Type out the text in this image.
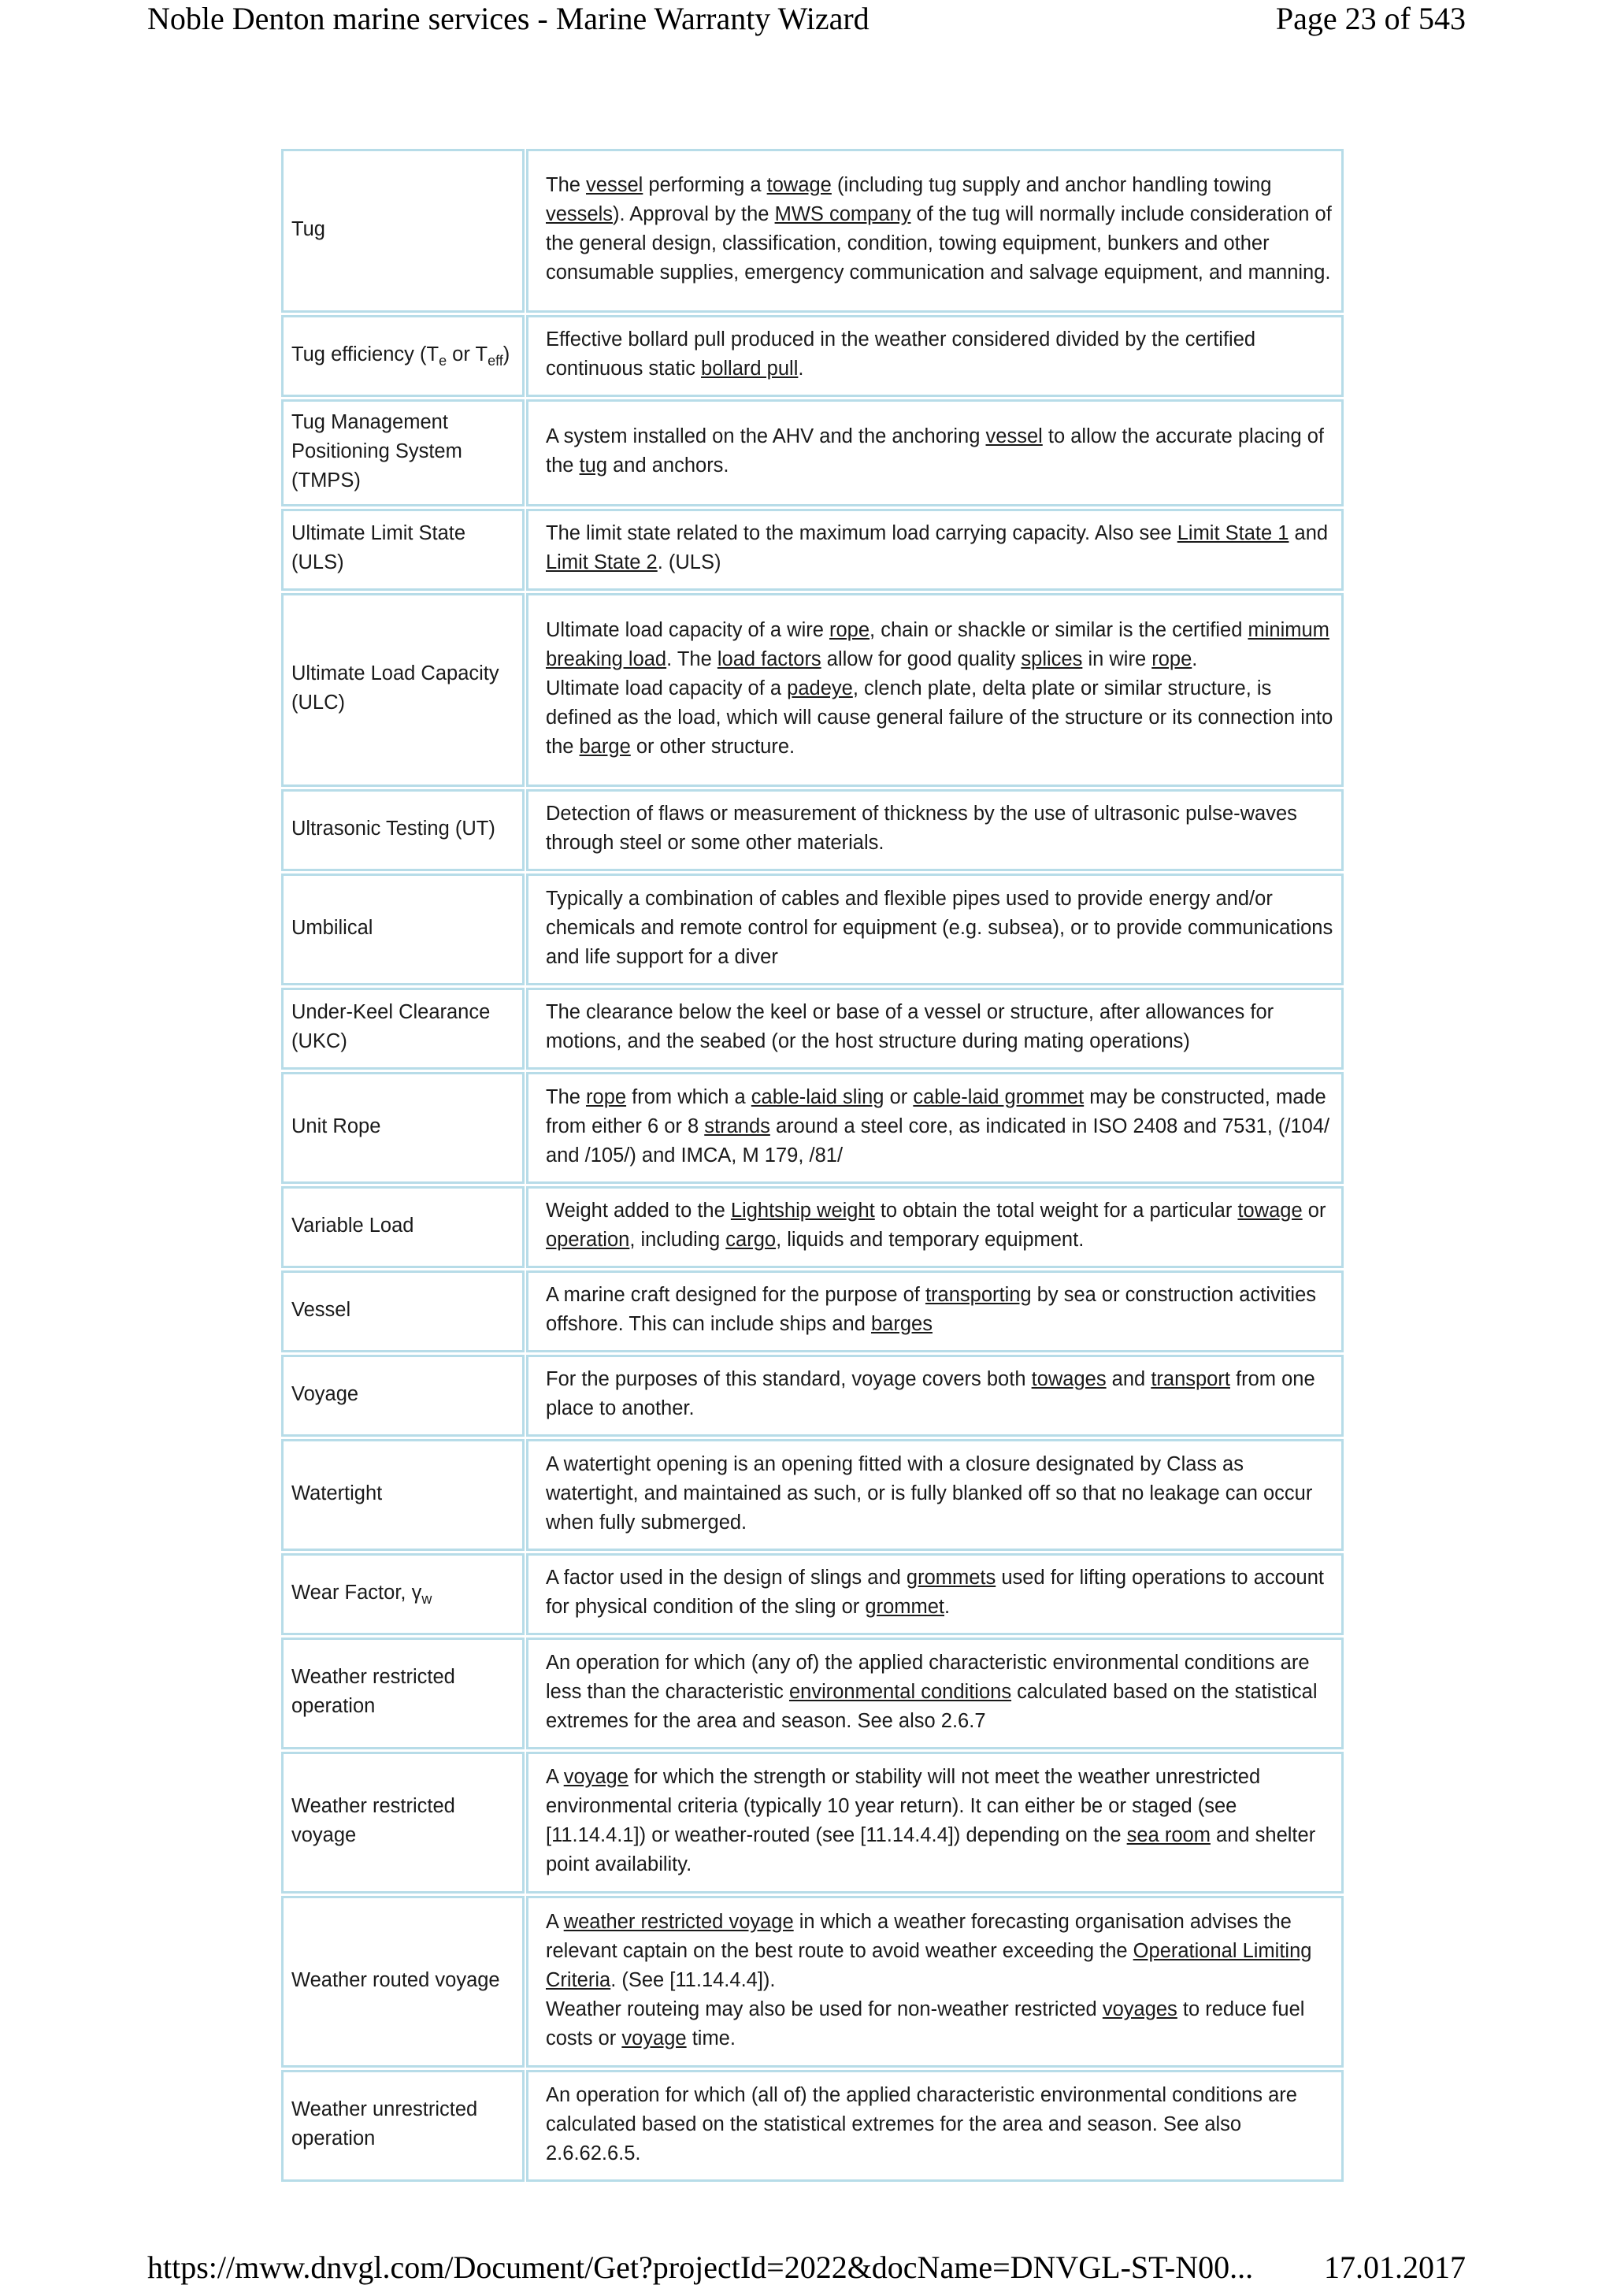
Noble Denton marine services - Marine Warranty Wizard	Page 23 of 543
Tug	The vessel performing a towage (including tug supply and anchor handling towing vessels). Approval by the MWS company of the tug will normally include consideration of the general design, classification, condition, towing equipment, bunkers and other consumable supplies, emergency communication and salvage equipment, and manning.

Tug efficiency ($T_e$ or $T_{eff}$)	Effective bollard pull produced in the weather considered divided by the certified continuous static bollard pull.

Tug Management Positioning System (TMPS)	A system installed on the AHV and the anchoring vessel to allow the accurate placing of the tug and anchors.

Ultimate Limit State (ULS)	The limit state related to the maximum load carrying capacity. Also see Limit State 1 and Limit State 2. (ULS)

Ultimate Load Capacity (ULC)	Ultimate load capacity of a wire rope, chain or shackle or similar is the certified minimum breaking load. The load factors allow for good quality splices in wire rope.

Ultimate load capacity of a padeye, clench plate, delta plate or similar structure, is defined as the load, which will cause general failure of the structure or its connection into the barge or other structure.

Ultrasonic Testing (UT)	Detection of flaws or measurement of thickness by the use of ultrasonic pulse-waves through steel or some other materials.

Umbilical	Typically a combination of cables and flexible pipes used to provide energy and/or chemicals and remote control for equipment (e.g. subsea), or to provide communications and life support for a diver

Under-Keel Clearance (UKC)	The clearance below the keel or base of a vessel or structure, after allowances for motions, and the seabed (or the host structure during mating operations)

Unit Rope	The rope from which a cable-laid sling or cable-laid grommet may be constructed, made from either 6 or 8 strands around a steel core, as indicated in ISO 2408 and 7531, (/104/ and /105/) and IMCA, M 179, /81/

Variable Load	Weight added to the Lightship weight to obtain the total weight for a particular towage or operation, including cargo, liquids and temporary equipment.

Vessel	A marine craft designed for the purpose of transporting by sea or construction activities offshore. This can include ships and barges

Voyage	For the purposes of this standard, voyage covers both towages and transport from one place to another.

Watertight	A watertight opening is an opening fitted with a closure designated by Class as watertight, and maintained as such, or is fully blanked off so that no leakage can occur when fully submerged.

Wear Factor, $\gamma_w$	A factor used in the design of slings and grommets used for lifting operations to account for physical condition of the sling or grommet.

Weather restricted operation	An operation for which (any of) the applied characteristic environmental conditions are less than the characteristic environmental conditions calculated based on the statistical extremes for the area and season. See also 2.6.7

Weather restricted voyage	A voyage for which the strength or stability will not meet the weather unrestricted environmental criteria (typically 10 year return). It can either be or staged (see [11.14.4.1]) or weather-routed (see [11.14.4.4]) depending on the sea room and shelter point availability.

Weather routed voyage	A weather restricted voyage in which a weather forecasting organisation advises the relevant captain on the best route to avoid weather exceeding the Operational Limiting Criteria. (See [11.14.4.4]).

Weather routeing may also be used for non-weather restricted voyages to reduce fuel costs or voyage time.

Weather unrestricted operation	An operation for which (all of) the applied characteristic environmental conditions are calculated based on the statistical extremes for the area and season. See also 2.6.62.6.5.

https://mww.dnvgl.com/Document/Get?projectId=2022&docName=DNVGL-ST-N00... 17.01.2017
